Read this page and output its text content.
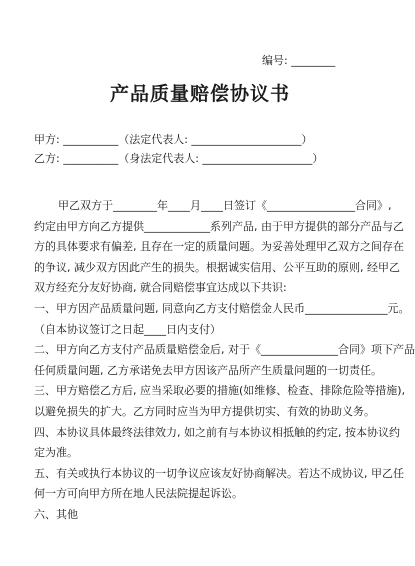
编号: ________
产品质量赔偿协议书
甲方: __________（法定代表人: ____________________）
乙方: __________（身法定代表人: ____________________）
甲乙双方于________年____月____日签订《________________合同》,
约定由甲方向乙方提供____________系列产品, 由于甲方提供的部分产品与乙
方的具体要求有偏差, 且存在一定的质量问题。为妥善处理甲乙双方之间存在
的争议, 减少双方因此产生的损失。根据诚实信用、公平互助的原则, 经甲乙
双方经充分友好协商, 就合同赔偿事宜达成以下共识:
一、甲方因产品质量问题, 同意向乙方支付赔偿金人民币_______________元。
（自本协议签订之日起____日内支付）
二、甲方向乙方支付产品质量赔偿金后, 对于《______________合同》项下产品
任何质量问题, 乙方承诺免去甲方因该产品所产生质量问题的一切责任。
三、甲方赔偿乙方后, 应当采取必要的措施(如维修、检查、排除危险等措施),
以避免损失的扩大。乙方同时应当为甲方提供切实、有效的协助义务。
四、本协议具体最终法律效力, 如之前有与本协议相抵触的约定, 按本协议约
定为准。
五、有关或执行本协议的一切争议应该友好协商解决。若达不成协议, 甲乙任
何一方可向甲方所在地人民法院提起诉讼。
六、其他
